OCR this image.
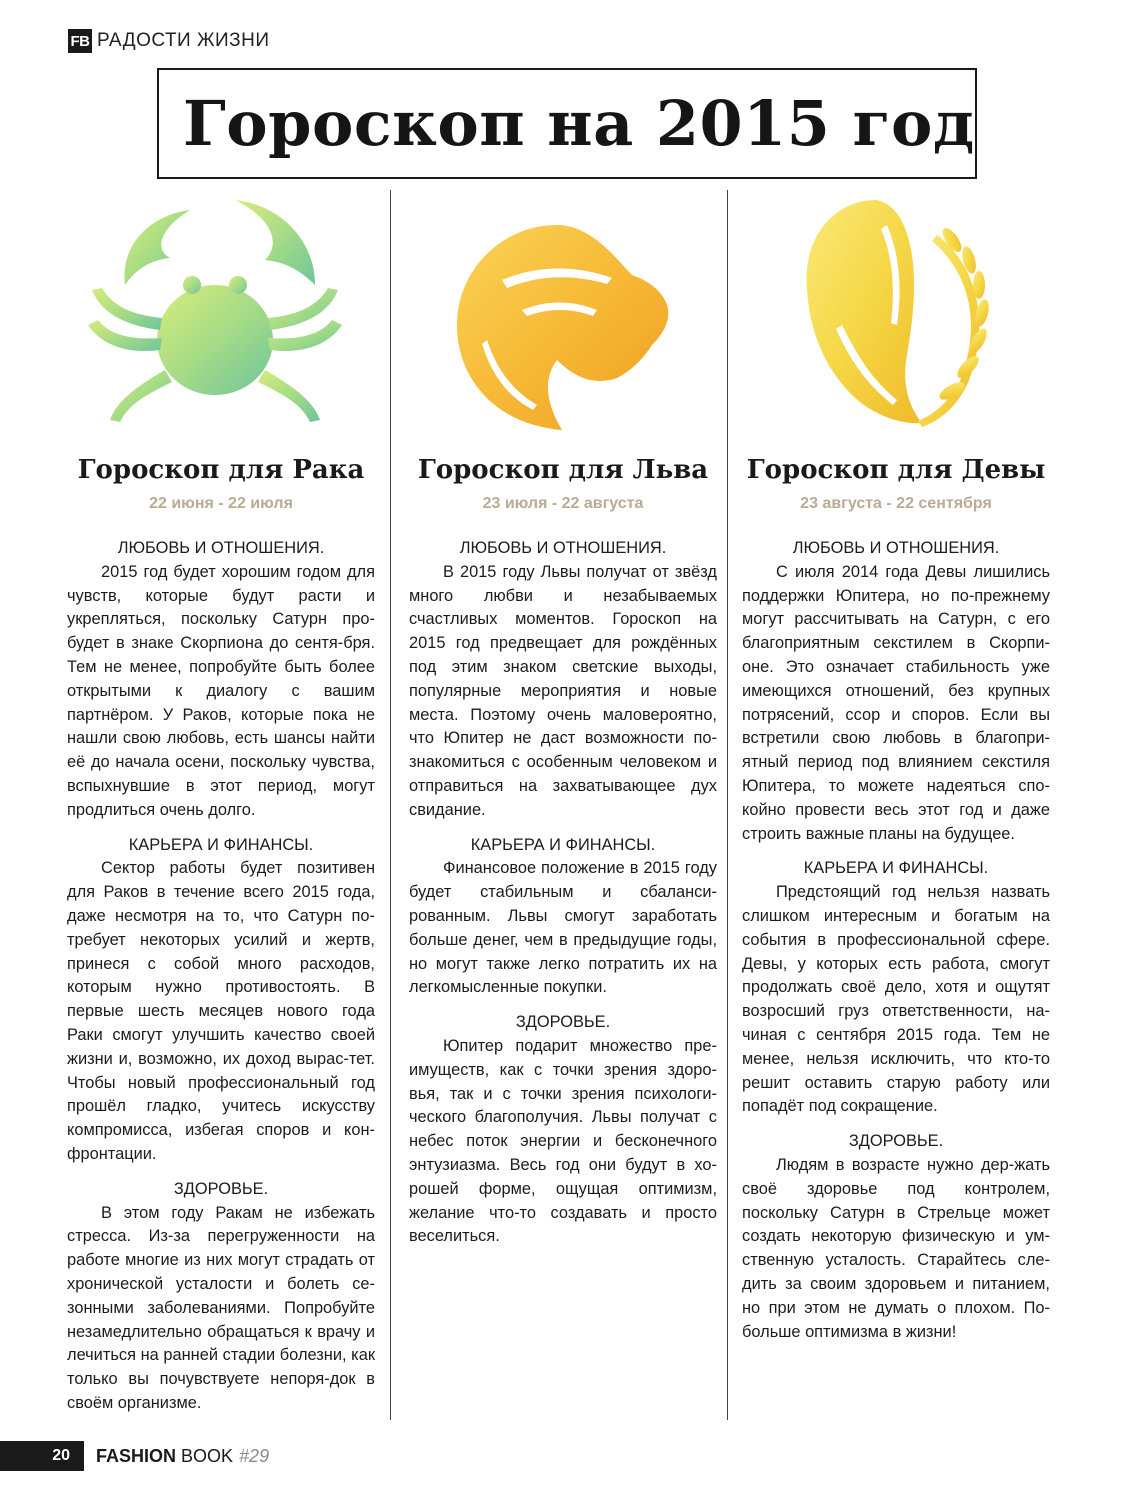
FB РАДОСТИ ЖИЗНИ
Гороскоп на 2015 год
Гороскоп для Рака
22 июня - 22 июля

ЛЮБОВЬ И ОТНОШЕНИЯ.

2015 год будет хорошим годом для чувств, которые будут расти и укрепляться, поскольку Сатурн про-будет в знаке Скорпиона до сентя-бря. Тем не менее, попробуйте быть более открытыми к диалогу с вашим партнёром. У Раков, которые пока не нашли свою любовь, есть шансы найти её до начала осени, поскольку чувства, вспыхнувшие в этот период, могут продлиться очень долго.

КАРЬЕРА И ФИНАНСЫ.

Сектор работы будет позитивен для Раков в течение всего 2015 года, даже несмотря на то, что Сатурн по-требует некоторых усилий и жертв, принеся с собой много расходов, которым нужно противостоять. В первые шесть месяцев нового года Раки смогут улучшить качество своей жизни и, возможно, их доход вырас-тет. Чтобы новый профессиональный год прошёл гладко, учитесь искусству компромисса, избегая споров и кон-фронтации.

ЗДОРОВЬЕ.

В этом году Ракам не избежать стресса. Из-за перегруженности на работе многие из них могут страдать от хронической усталости и болеть се-зонными заболеваниями. Попробуйте незамедлительно обращаться к врачу и лечиться на ранней стадии болезни, как только вы почувствуете непоря-док в своём организме.

Гороскоп для Льва
23 июля - 22 августа

ЛЮБОВЬ И ОТНОШЕНИЯ.

В 2015 году Львы получат от звёзд много любви и незабываемых счастливых моментов. Гороскоп на 2015 год предвещает для рождённых под этим знаком светские выходы, популярные мероприятия и новые места. Поэтому очень маловероятно, что Юпитер не даст возможности по-знакомиться с особенным человеком и отправиться на захватывающее дух свидание.

КАРЬЕРА И ФИНАНСЫ.

Финансовое положение в 2015 году будет стабильным и сбаланси-рованным. Львы смогут заработать больше денег, чем в предыдущие годы, но могут также легко потратить их на легкомысленные покупки.

ЗДОРОВЬЕ.

Юпитер подарит множество пре-имуществ, как с точки зрения здоро-вья, так и с точки зрения психологи-ческого благополучия. Львы получат с небес поток энергии и бесконечного энтузиазма. Весь год они будут в хо-рошей форме, ощущая оптимизм, желание что-то создавать и просто веселиться.

Гороскоп для Девы
23 августа - 22 сентября

ЛЮБОВЬ И ОТНОШЕНИЯ.

С июля 2014 года Девы лишились поддержки Юпитера, но по-прежнему могут рассчитывать на Сатурн, с его благоприятным секстилем в Скорпи-оне. Это означает стабильность уже имеющихся отношений, без крупных потрясений, ссор и споров. Если вы встретили свою любовь в благопри-ятный период под влиянием секстиля Юпитера, то можете надеяться спо-койно провести весь этот год и даже строить важные планы на будущее.

КАРЬЕРА И ФИНАНСЫ.

Предстоящий год нельзя назвать слишком интересным и богатым на события в профессиональной сфере. Девы, у которых есть работа, смогут продолжать своё дело, хотя и ощутят возросший груз ответственности, на-чиная с сентября 2015 года. Тем не менее, нельзя исключить, что кто-то решит оставить старую работу или попадёт под сокращение.

ЗДОРОВЬЕ.

Людям в возрасте нужно дер-жать своё здоровье под контролем, поскольку Сатурн в Стрельце может создать некоторую физическую и ум-ственную усталость. Старайтесь сле-дить за своим здоровьем и питанием, но при этом не думать о плохом. По-больше оптимизма в жизни!

20	FASHION BOOK #29
